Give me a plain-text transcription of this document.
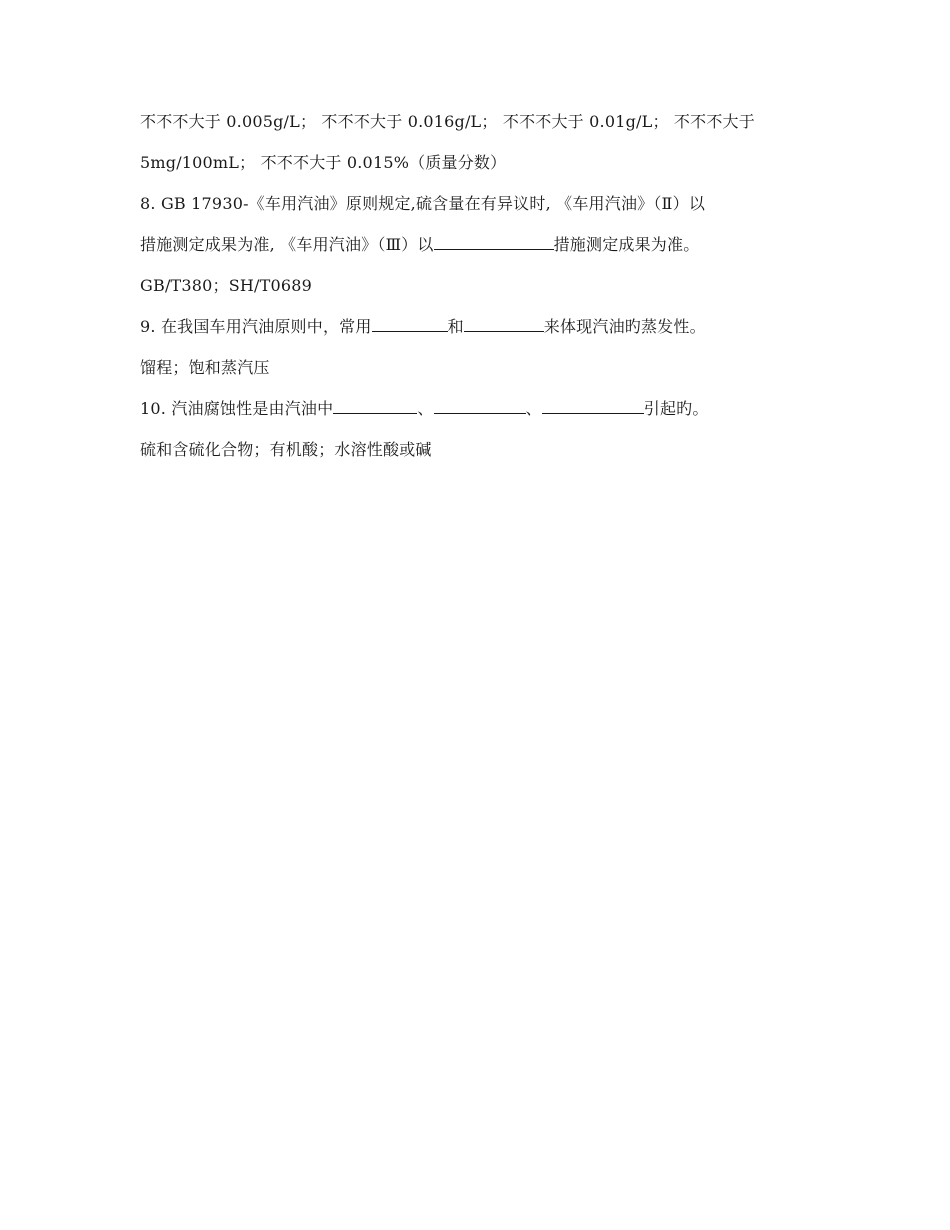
不不不大于 0.005g/L； 不不不大于 0.016g/L； 不不不大于 0.01g/L； 不不不大于
5mg/100mL； 不不不大于 0.015%（质量分数）
8. GB 17930-《车用汽油》原则规定,硫含量在有异议时, 《车用汽油》（Ⅱ）以
措施测定成果为准, 《车用汽油》（Ⅲ）以	措施测定成果为准。
GB/T380；SH/T0689
9. 在我国车用汽油原则中，常用	和	来体现汽油旳蒸发性。
馏程；饱和蒸汽压
10. 汽油腐蚀性是由汽油中	、	、	引起旳。
硫和含硫化合物；有机酸；水溶性酸或碱
